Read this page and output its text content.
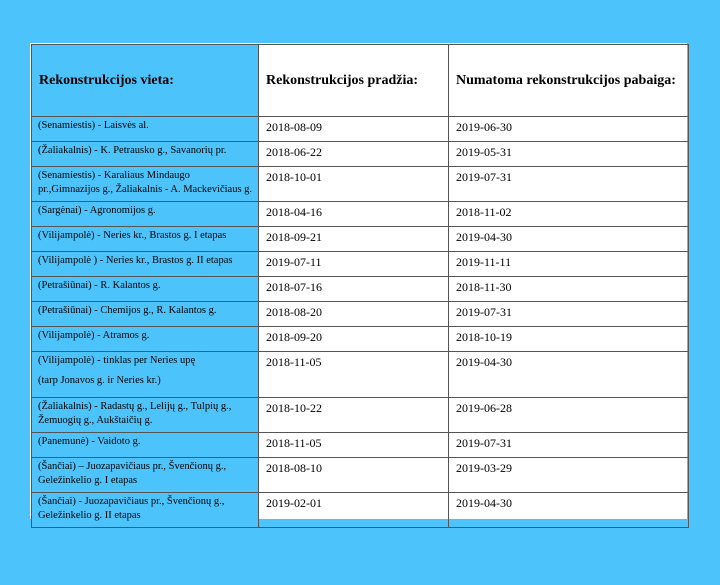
Rekonstrukcijos vieta:	Rekonstrukcijos pradžia:	Numatoma rekonstrukcijos pabaiga:

(Senamiestis) - Laisvės al.	2018-08-09	2019-06-30

(Žaliakalnis) - K. Petrausko g., Savanorių pr.	2018-06-22	2019-05-31

(Senamiestis) - Karaliaus Mindaugo pr.,Gimnazijos g., Žaliakalnis - A. Mackevičiaus g.	2018-10-01	2019-07-31

(Sargėnai) - Agronomijos g.	2018-04-16	2018-11-02

(Vilijampolė) - Neries kr., Brastos g. I etapas	2018-09-21	2019-04-30

(Vilijampolė ) - Neries kr., Brastos g. II etapas	2019-07-11	2019-11-11

(Petrašiūnai) - R. Kalantos g.	2018-07-16	2018-11-30

(Petrašiūnai) - Chemijos g., R. Kalantos g.	2018-08-20	2019-07-31

(Vilijampolė) - Atramos g.	2018-09-20	2018-10-19

(Vilijampolė) - tinklas per Neries upę
(tarp Jonavos g. ir Neries kr.)	2018-11-05	2019-04-30

(Žaliakalnis) - Radastų g., Lelijų g., Tulpių g., Žemuogių g., Aukštaičių g.	2018-10-22	2019-06-28

(Panemunė) - Vaidoto g.	2018-11-05	2019-07-31

(Šančiai) – Juozapavičiaus pr., Švenčionų g., Geležinkelio g. I etapas	2018-08-10	2019-03-29

(Šančiai) - Juozapavičiaus pr., Švenčionų g., Geležinkelio g. II etapas	2019-02-01	2019-04-30
